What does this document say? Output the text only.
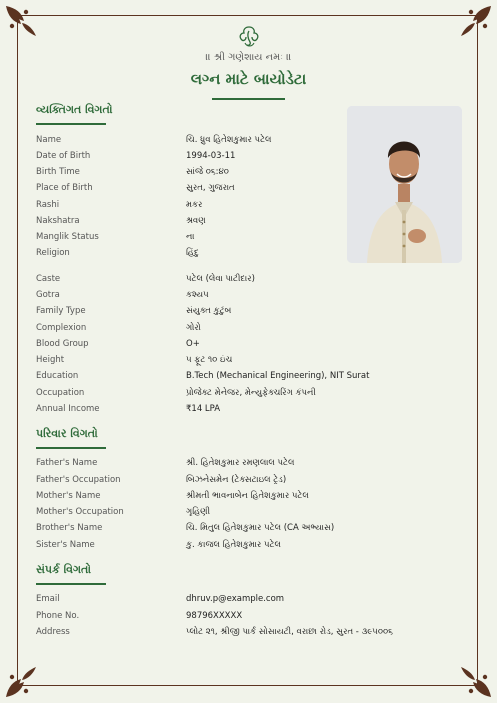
॥ શ્રી ગણેશાય નમઃ ॥
લગ્ન માટે બાયોડેટા
વ્યક્તિગત વિગતો
Name	ચિ. ધ્રુવ હિતેશકુમાર પટેલ
Date of Birth	1994-03-11
Birth Time	સાંજે ૦૬:૪૦
Place of Birth	સુરત, ગુજરાત
Rashi	મકર
Nakshatra	શ્રવણ
Manglik Status	ના
Religion	હિંદુ
Caste	પટેલ (લેવા પાટીદાર)
Gotra	કશ્યપ
Family Type	સંયુક્ત કુટુંબ
Complexion	ગોરો
Blood Group	O+
Height	૫ ફૂટ ૧૦ ઇંચ
Education	B.Tech (Mechanical Engineering), NIT Surat
Occupation	પ્રોજેક્ટ મેનેજર, મેન્યુફેક્ચરિંગ કંપની
Annual Income	₹14 LPA
પરિવાર વિગતો
Father's Name	શ્રી. હિતેશકુમાર રમણલાલ પટેલ
Father's Occupation	બિઝનેસમેન (ટેક્સટાઇલ ટ્રેડ)
Mother's Name	શ્રીમતી ભાવનાબેન હિતેશકુમાર પટેલ
Mother's Occupation	ગૃહિણી
Brother's Name	ચિ. મિતુલ હિતેશકુમાર પટેલ (CA અભ્યાસ)
Sister's Name	કુ. કાજલ હિતેશકુમાર પટેલ
સંપર્ક વિગતો
Email	dhruv.p@example.com
Phone No.	98796XXXXX
Address	પ્લોટ ૨૧, શ્રીજી પાર્ક સોસાયટી, વરાછા રોડ, સુરત - ૩૯૫૦૦૬
